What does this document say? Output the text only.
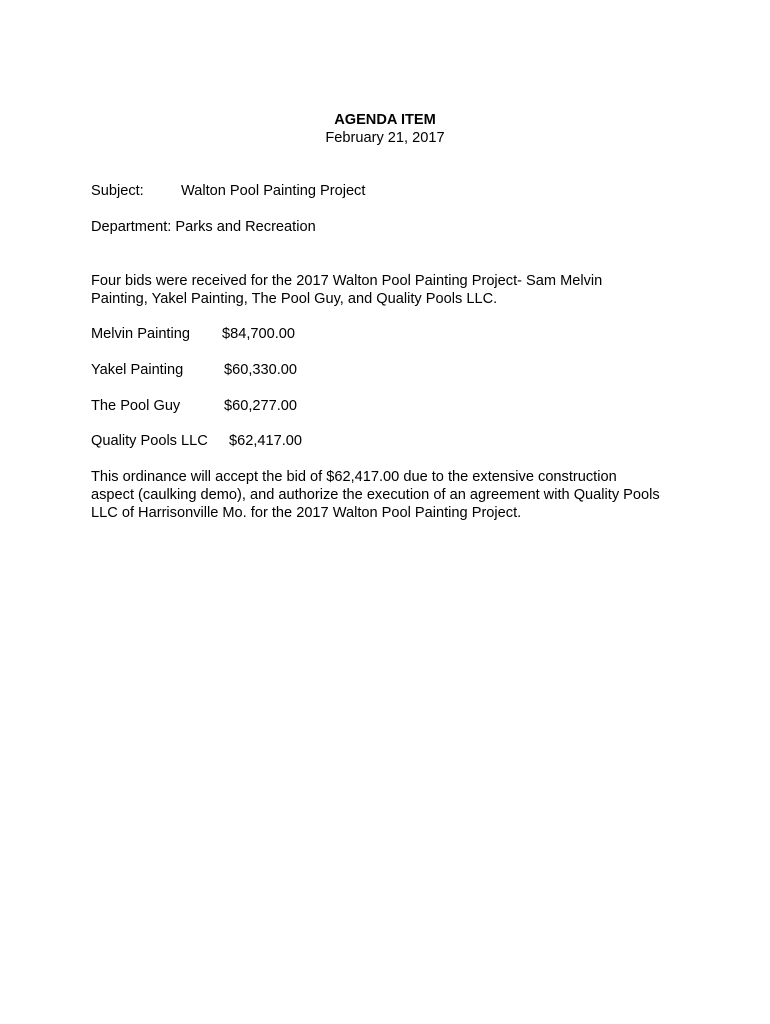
AGENDA ITEM
February 21, 2017
Subject:	Walton Pool Painting Project
Department: Parks and Recreation
Four bids were received for the 2017 Walton Pool Painting Project- Sam Melvin
Painting, Yakel Painting, The Pool Guy, and Quality Pools LLC.
Melvin Painting $84,700.00
Yakel Painting	$60,330.00
The Pool Guy	$60,277.00
Quality Pools LLC $62,417.00
This ordinance will accept the bid of $62,417.00 due to the extensive construction
aspect (caulking demo), and authorize the execution of an agreement with Quality Pools
LLC of Harrisonville Mo. for the 2017 Walton Pool Painting Project.
